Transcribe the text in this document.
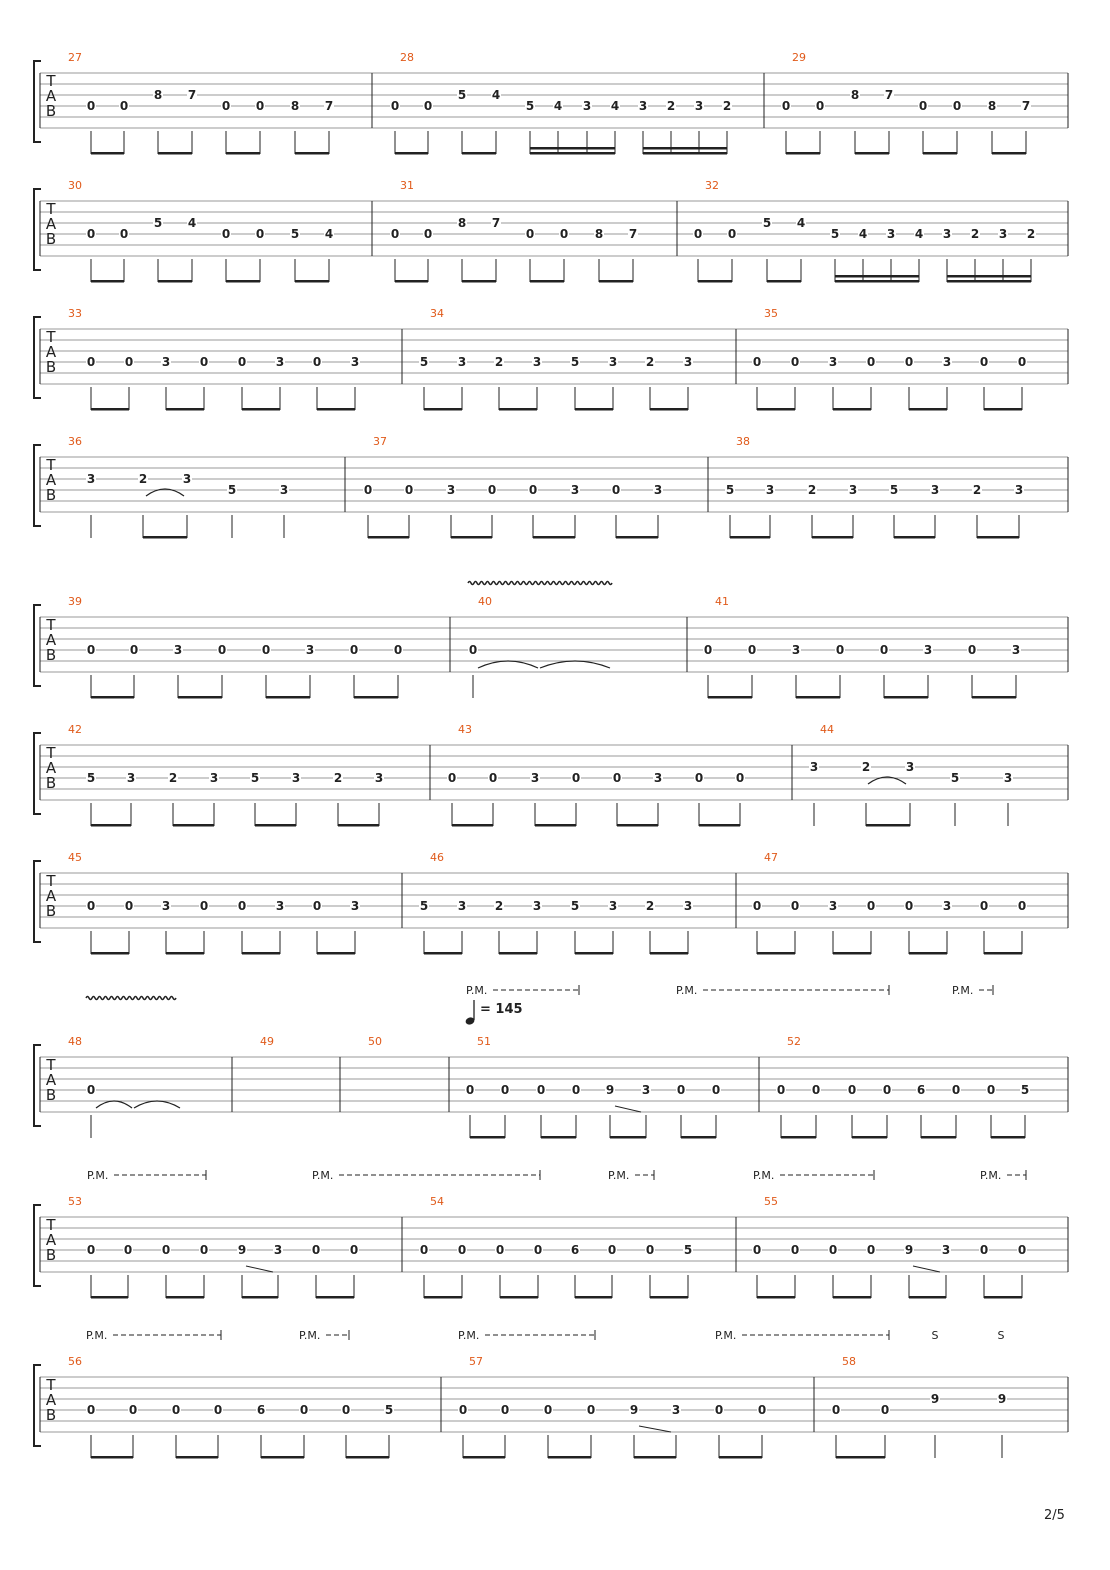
T
A
B
27
0 0
8 7
0 0 8 7
28
0 0
5 4
5 4 3 4 3 2 3 2
29
0 0
8 7
0 0 8 7
T
A
B
30
0 0
5 4
0 0 5 4
31
0 0
8 7
0 0 8 7
32
0 0
5 4
5 4 3 4 3 2 3 2
T
A
B
33
0 0 3 0 0 3 0 3
34
5 3 2 3 5 3 2 3
35
0 0 3 0 0 3 0 0
T
A
B
36
3	2	3
5	3
37
0	0	3	0	0	3	0	3
38
5	3	2	3	5	3	2	3
T
A
B
39
0	0	3	0	0	3	0	0
40
0
41
0	0	3	0	0	3	0	3
T
A
B
42
5	3	2	3	5	3	2	3
43
0	0	3	0	0	3	0	0
44
3	2	3
5	3
T
A
B
45
0 0 3 0 0 3 0 3
46
5 3 2 3 5 3 2 3
47
0 0 3 0 0 3 0 0
T
A
B
48
0
49	50	51
0 0 0 0 9 3 0 0
52
0 0 0 0 6 0 0 5
T
A
B
53
0 0 0 0 9 3 0 0
54
0 0 0 0 6 0 0 5
55
0 0 0 0 9 3 0 0
T
A
B
56
0	0	0	0	6	0	0	5
57
0	0	0	0	9	3	0	0
58
0	0
9	9
P.M.	P.M.	P.M.
P.M.	P.M.	P.M.	P.M.	P.M.
P.M.	P.M.	P.M.	P.M.
= 145
S	S
2/5
